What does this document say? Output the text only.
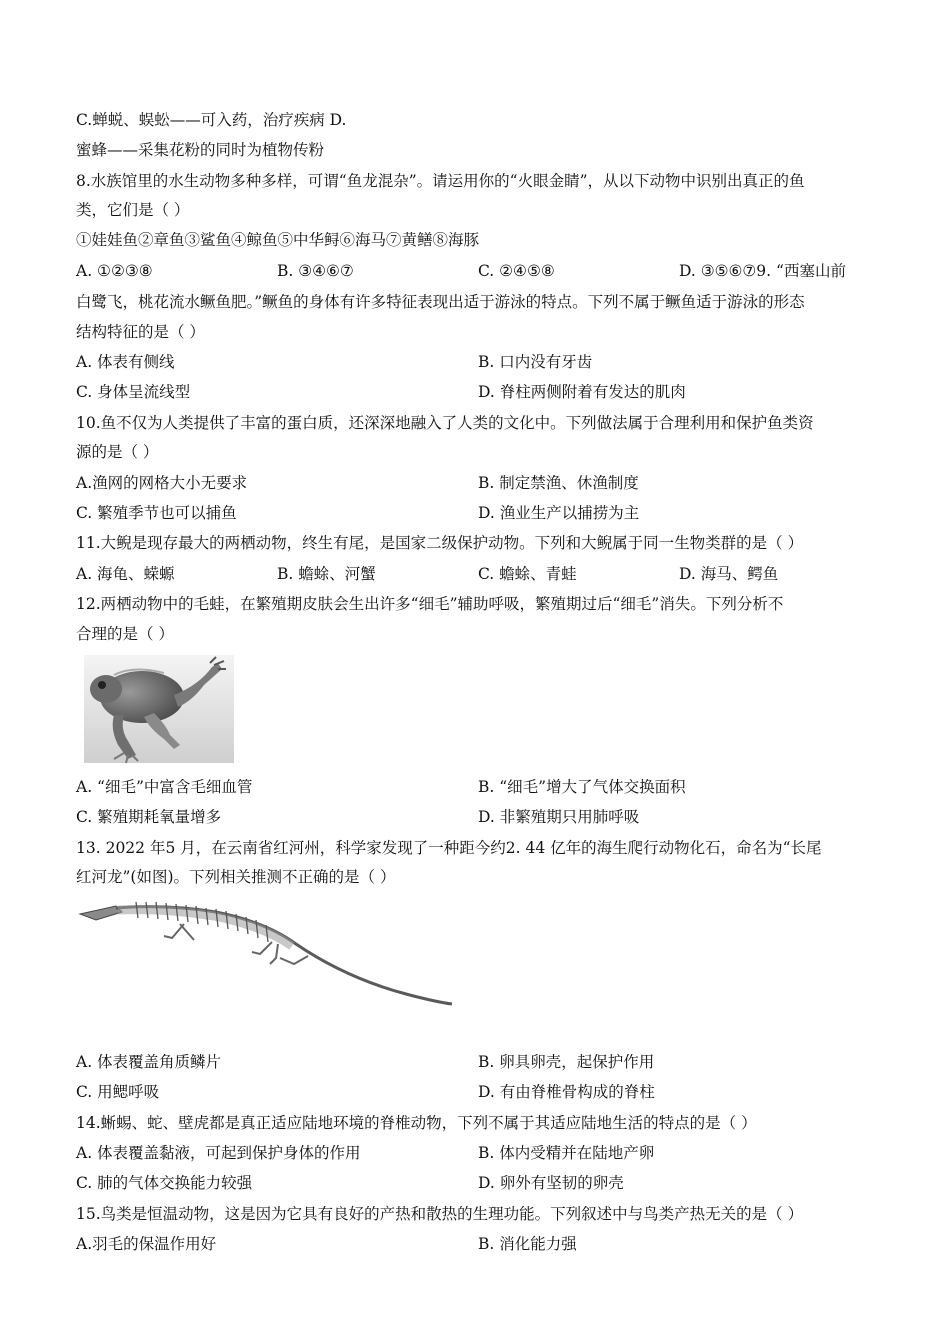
C.蝉蜕、蜈蚣——可入药，治疗疾病 D.
蜜蜂——采集花粉的同时为植物传粉
8.水族馆里的水生动物多种多样，可谓“鱼龙混杂”。请运用你的“火眼金睛”，从以下动物中识别出真正的鱼
类，它们是（ ）
①娃娃鱼②章鱼③鲨鱼④鲸鱼⑤中华鲟⑥海马⑦黄鳝⑧海豚
A. ①②③⑧	B. ③④⑥⑦	C. ②④⑤⑧	D. ③⑤⑥⑦9. “西塞山前
白鹭飞，桃花流水鳜鱼肥。”鳜鱼的身体有许多特征表现出适于游泳的特点。下列不属于鳜鱼适于游泳的形态
结构特征的是（ ）
A. 体表有侧线	B. 口内没有牙齿
C. 身体呈流线型	D. 脊柱两侧附着有发达的肌肉
10.鱼不仅为人类提供了丰富的蛋白质，还深深地融入了人类的文化中。下列做法属于合理利用和保护鱼类资
源的是（ ）
A.渔网的网格大小无要求	B. 制定禁渔、休渔制度
C. 繁殖季节也可以捕鱼	D. 渔业生产以捕捞为主
11.大鲵是现存最大的两栖动物，终生有尾，是国家二级保护动物。下列和大鲵属于同一生物类群的是（ ）
A. 海龟、蝾螈	B. 蟾蜍、河蟹	C. 蟾蜍、青蛙	D. 海马、鳄鱼
12.两栖动物中的毛蛙，在繁殖期皮肤会生出许多“细毛”辅助呼吸，繁殖期过后“细毛”消失。下列分析不
合理的是（ ）
A. “细毛”中富含毛细血管	B. “细毛”增大了气体交换面积
C. 繁殖期耗氧量增多	D. 非繁殖期只用肺呼吸
13. 2022 年5 月，在云南省红河州，科学家发现了一种距今约2. 44 亿年的海生爬行动物化石，命名为“长尾
红河龙”(如图)。下列相关推测不正确的是（ ）
A. 体表覆盖角质鳞片	B. 卵具卵壳，起保护作用
C. 用鳃呼吸	D. 有由脊椎骨构成的脊柱
14.蜥蜴、蛇、壁虎都是真正适应陆地环境的脊椎动物，下列不属于其适应陆地生活的特点的是（ ）
A. 体表覆盖黏液，可起到保护身体的作用	B. 体内受精并在陆地产卵
C. 肺的气体交换能力较强	D. 卵外有坚韧的卵壳
15.鸟类是恒温动物，这是因为它具有良好的产热和散热的生理功能。下列叙述中与鸟类产热无关的是（ ）
A.羽毛的保温作用好	B. 消化能力强
